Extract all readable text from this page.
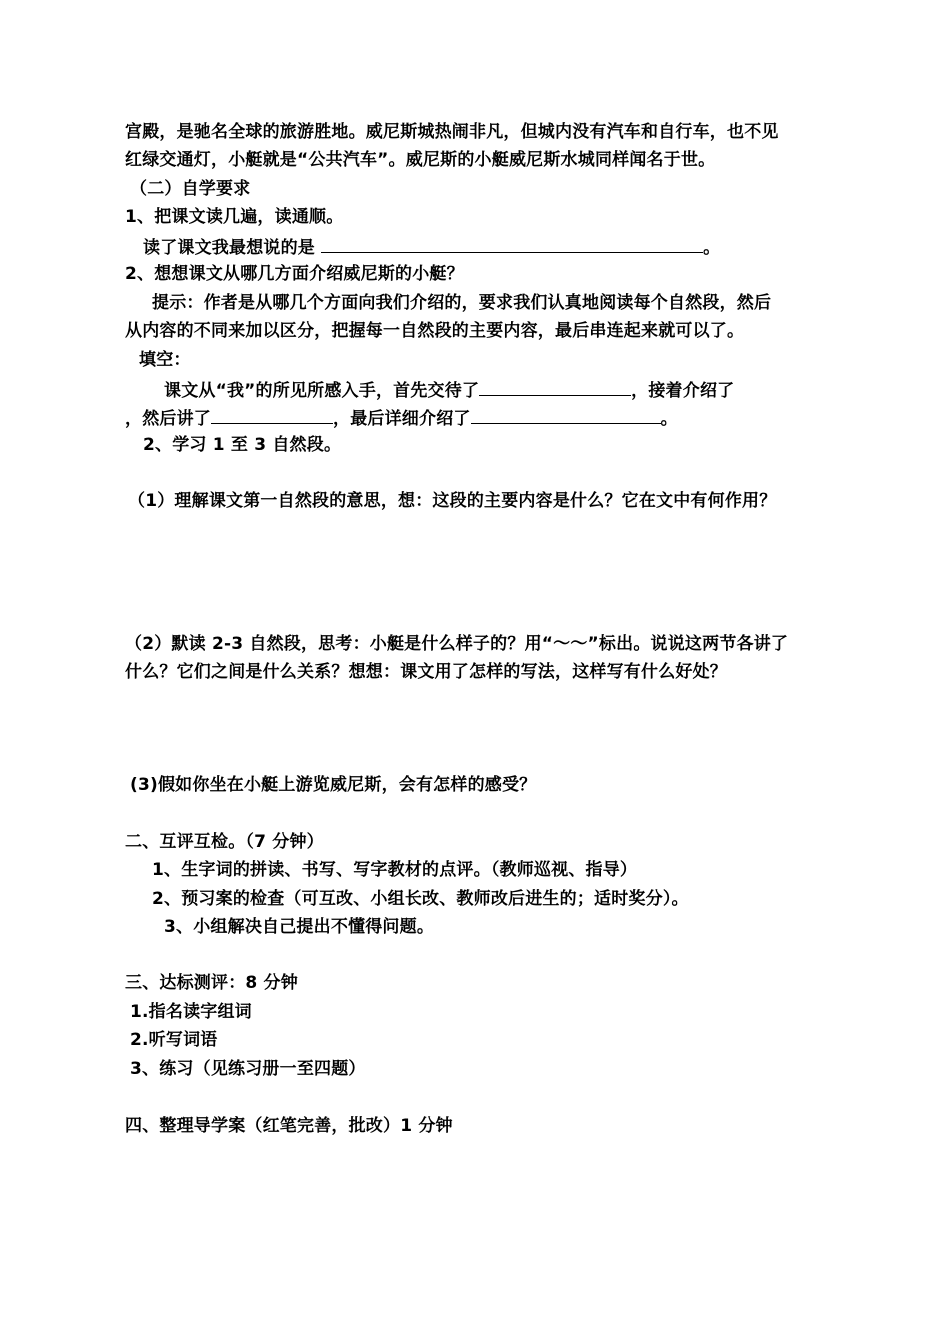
宫殿，是驰名全球的旅游胜地。威尼斯城热闹非凡，但城内没有汽车和自行车，也不见
红绿交通灯，小艇就是“公共汽车”。威尼斯的小艇威尼斯水城同样闻名于世。
（二）自学要求
1、把课文读几遍，读通顺。
读了课文我最想说的是	。
2、想想课文从哪几方面介绍威尼斯的小艇？
提示：作者是从哪几个方面向我们介绍的，要求我们认真地阅读每个自然段，然后
从内容的不同来加以区分，把握每一自然段的主要内容，最后串连起来就可以了。
填空：
课文从“我”的所见所感入手，首先交待了	，接着介绍了
，然后讲了	，最后详细介绍了	。
2、学习 1 至 3 自然段。
（1）理解课文第一自然段的意思，想：这段的主要内容是什么？它在文中有何作用？
（2）默读 2-3 自然段，思考：小艇是什么样子的？用“～～”标出。说说这两节各讲了
什么？它们之间是什么关系？想想：课文用了怎样的写法，这样写有什么好处？
(3)假如你坐在小艇上游览威尼斯，会有怎样的感受？
二、互评互检。（7 分钟）
1、生字词的拼读、书写、写字教材的点评。（教师巡视、指导）
2、预习案的检查（可互改、小组长改、教师改后进生的；适时奖分）。
3、小组解决自己提出不懂得问题。
三、达标测评：8 分钟
1.指名读字组词
2.听写词语
3、练习（见练习册一至四题）
四、整理导学案（红笔完善，批改）1 分钟
